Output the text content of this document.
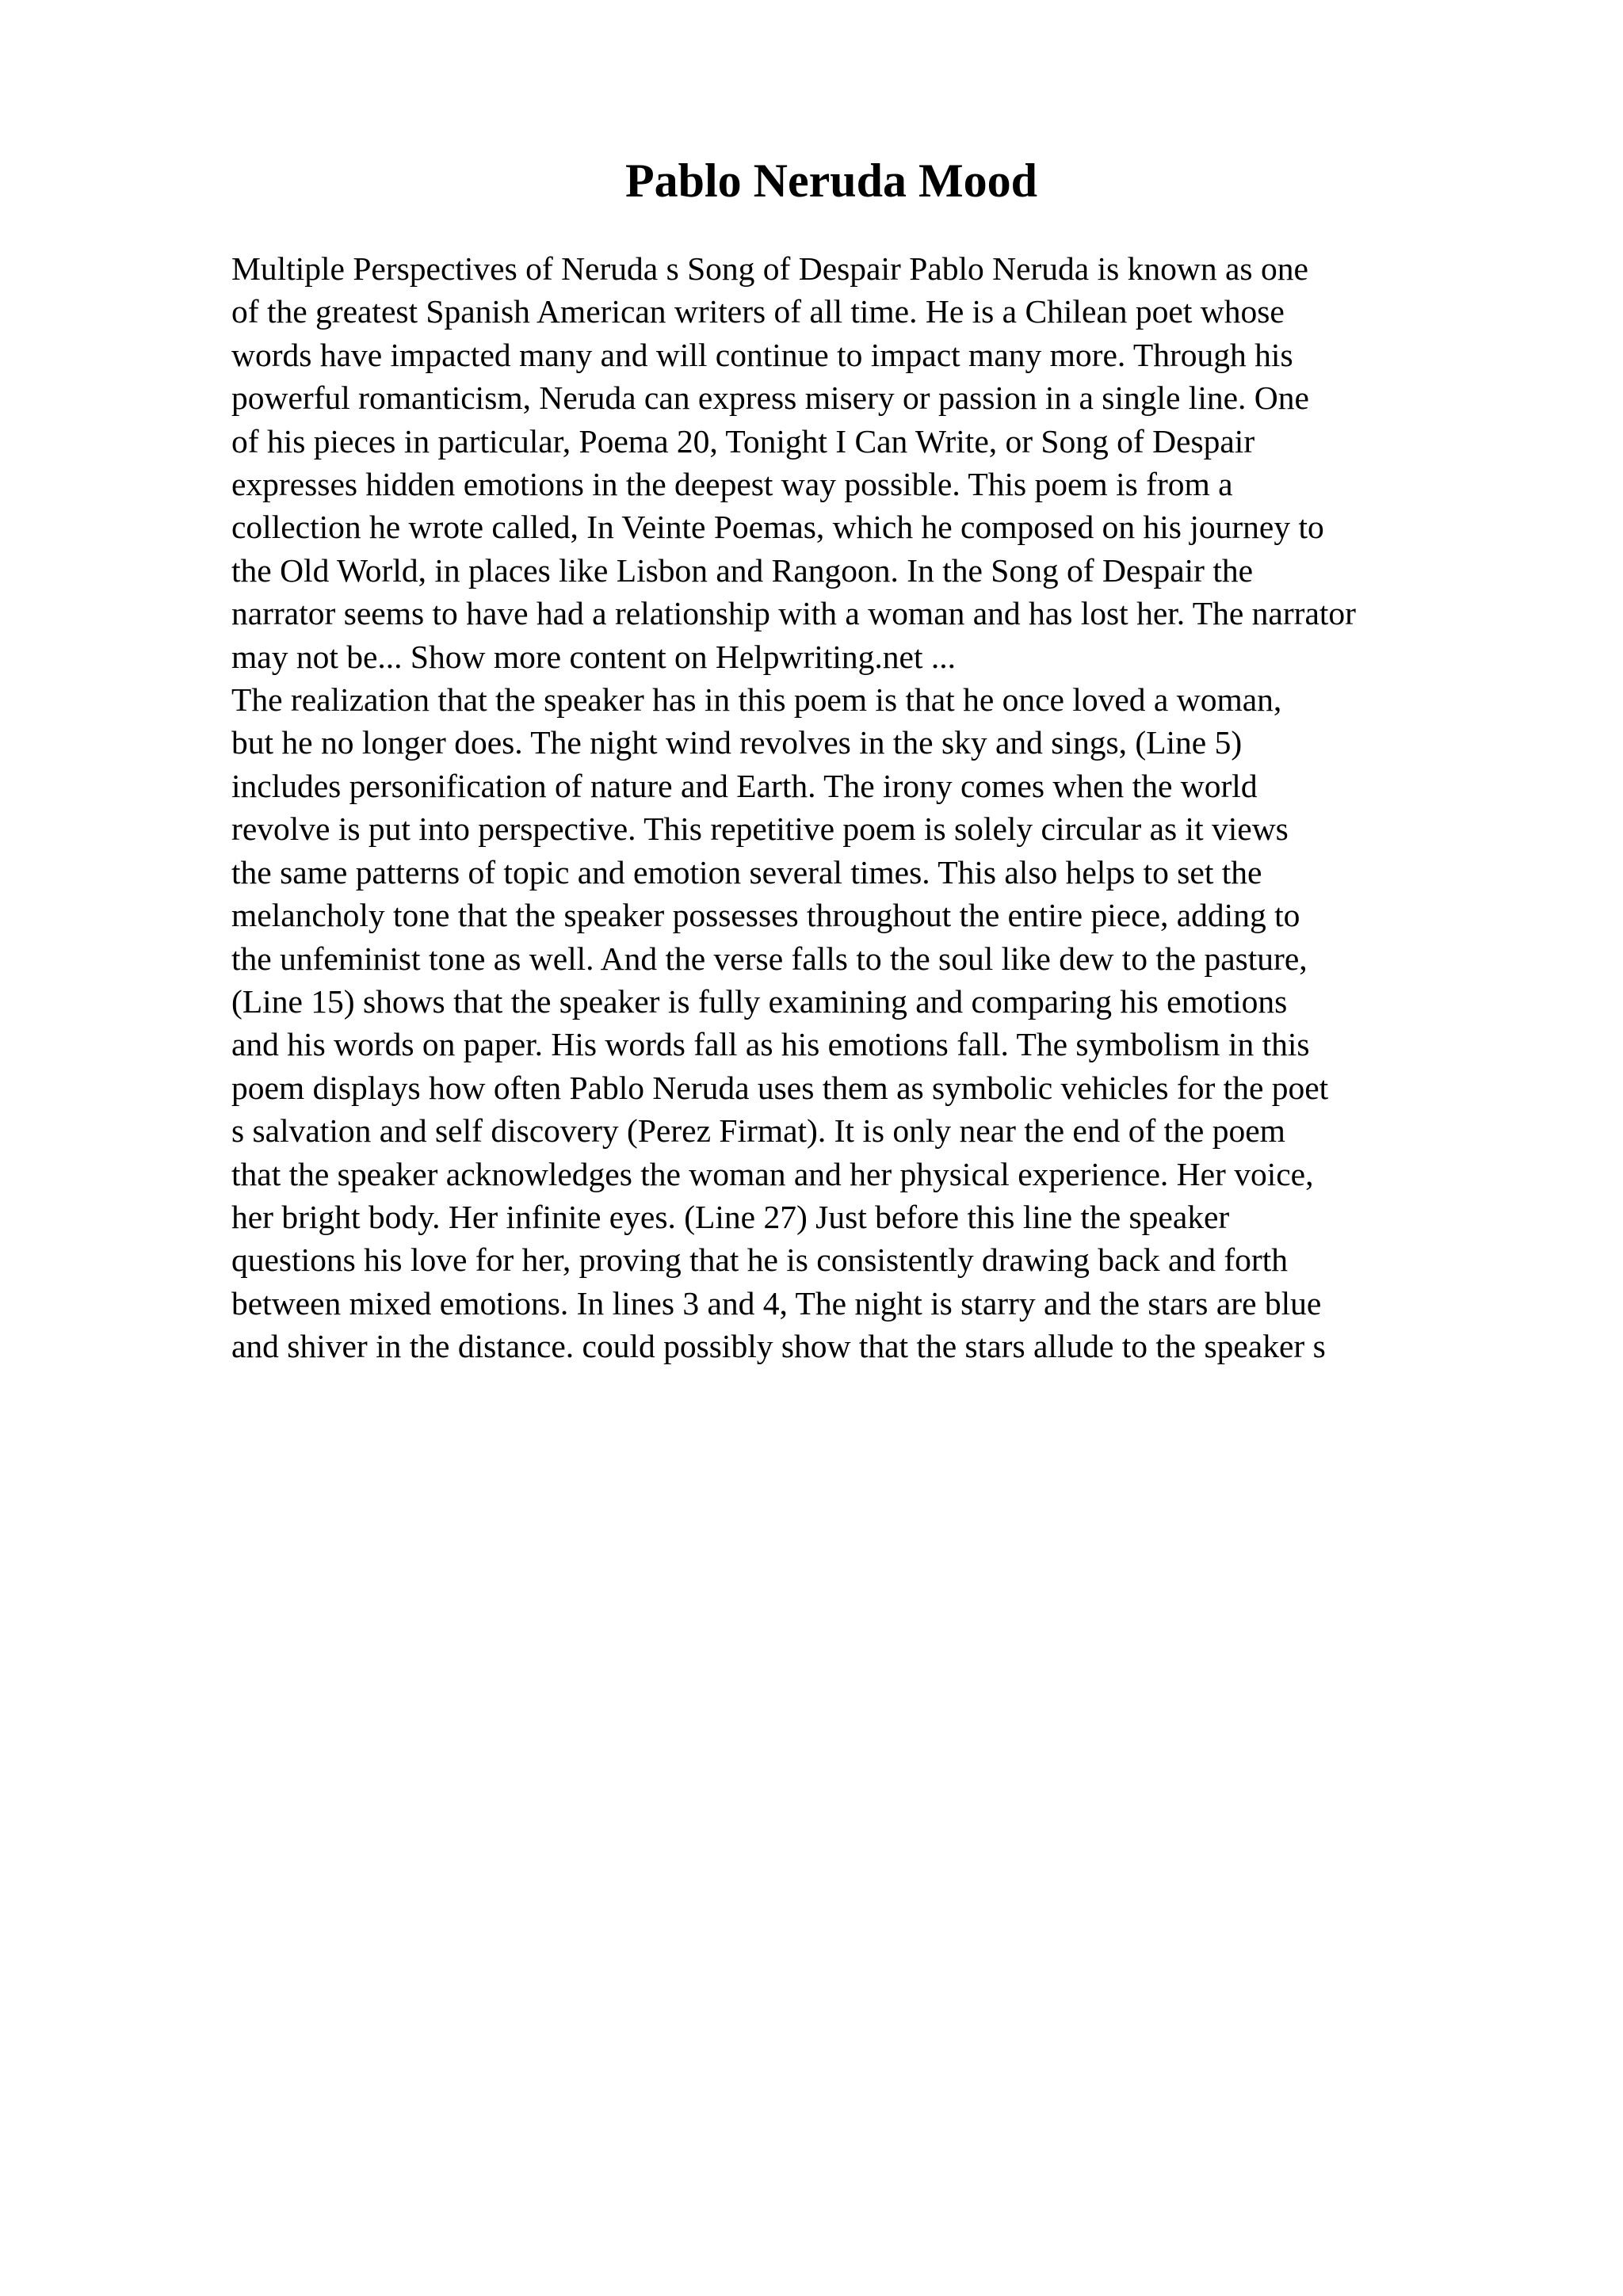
Pablo Neruda Mood
Multiple Perspectives of Neruda s Song of Despair Pablo Neruda is known as one
of the greatest Spanish American writers of all time. He is a Chilean poet whose
words have impacted many and will continue to impact many more. Through his
powerful romanticism, Neruda can express misery or passion in a single line. One
of his pieces in particular, Poema 20, Tonight I Can Write, or Song of Despair
expresses hidden emotions in the deepest way possible. This poem is from a
collection he wrote called, In Veinte Poemas, which he composed on his journey to
the Old World, in places like Lisbon and Rangoon. In the Song of Despair the
narrator seems to have had a relationship with a woman and has lost her. The narrator
may not be... Show more content on Helpwriting.net ...
The realization that the speaker has in this poem is that he once loved a woman,
but he no longer does. The night wind revolves in the sky and sings, (Line 5)
includes personification of nature and Earth. The irony comes when the world
revolve is put into perspective. This repetitive poem is solely circular as it views
the same patterns of topic and emotion several times. This also helps to set the
melancholy tone that the speaker possesses throughout the entire piece, adding to
the unfeminist tone as well. And the verse falls to the soul like dew to the pasture,
(Line 15) shows that the speaker is fully examining and comparing his emotions
and his words on paper. His words fall as his emotions fall. The symbolism in this
poem displays how often Pablo Neruda uses them as symbolic vehicles for the poet
s salvation and self discovery (Perez Firmat). It is only near the end of the poem
that the speaker acknowledges the woman and her physical experience. Her voice,
her bright body. Her infinite eyes. (Line 27) Just before this line the speaker
questions his love for her, proving that he is consistently drawing back and forth
between mixed emotions. In lines 3 and 4, The night is starry and the stars are blue
and shiver in the distance. could possibly show that the stars allude to the speaker s
